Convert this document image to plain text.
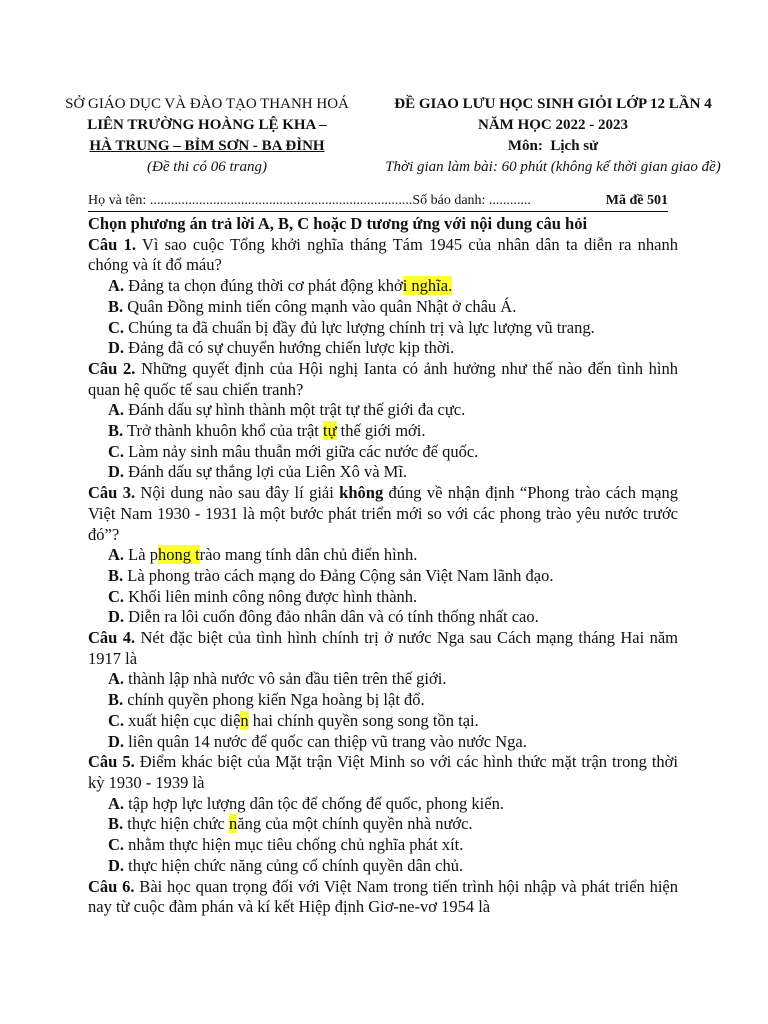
SỞ GIÁO DỤC VÀ ĐÀO TẠO THANH HOÁ
LIÊN TRƯỜNG HOÀNG LỆ KHA –
HÀ TRUNG – BỈM SƠN - BA ĐÌNH
(Đề thi có 06 trang)
ĐỀ GIAO LƯU HỌC SINH GIỎI LỚP 12 LẦN 4
NĂM HỌC 2022 - 2023
Môn: Lịch sử
Thời gian làm bài: 60 phút (không kể thời gian giao đề)
Họ và tên: ...........................................................................Số báo danh: ............	Mã đề 501

Chọn phương án trả lời A, B, C hoặc D tương ứng với nội dung câu hỏi

Câu 1. Vì sao cuộc Tổng khởi nghĩa tháng Tám 1945 của nhân dân ta diễn ra nhanh chóng và ít đổ máu?

A. Đảng ta chọn đúng thời cơ phát động khởi nghĩa.

B. Quân Đồng minh tiến công mạnh vào quân Nhật ở châu Á.

C. Chúng ta đã chuẩn bị đầy đủ lực lượng chính trị và lực lượng vũ trang.

D. Đảng đã có sự chuyển hướng chiến lược kịp thời.

Câu 2. Những quyết định của Hội nghị Ianta có ảnh hưởng như thế nào đến tình hình quan hệ quốc tế sau chiến tranh?

A. Đánh dấu sự hình thành một trật tự thế giới đa cực.

B. Trở thành khuôn khổ của trật tự thế giới mới.

C. Làm nảy sinh mâu thuẫn mới giữa các nước đế quốc.

D. Đánh dấu sự thắng lợi của Liên Xô và Mĩ.

Câu 3. Nội dung nào sau đây lí giải không đúng về nhận định “Phong trào cách mạng Việt Nam 1930 - 1931 là một bước phát triển mới so với các phong trào yêu nước trước đó”?

A. Là phong trào mang tính dân chủ điển hình.

B. Là phong trào cách mạng do Đảng Cộng sản Việt Nam lãnh đạo.

C. Khối liên minh công nông được hình thành.

D. Diễn ra lôi cuốn đông đảo nhân dân và có tính thống nhất cao.

Câu 4. Nét đặc biệt của tình hình chính trị ở nước Nga sau Cách mạng tháng Hai năm 1917 là

A. thành lập nhà nước vô sản đầu tiên trên thế giới.

B. chính quyền phong kiến Nga hoàng bị lật đổ.

C. xuất hiện cục diện hai chính quyền song song tồn tại.

D. liên quân 14 nước đế quốc can thiệp vũ trang vào nước Nga.

Câu 5. Điểm khác biệt của Mặt trận Việt Minh so với các hình thức mặt trận trong thời kỳ 1930 - 1939 là

A. tập hợp lực lượng dân tộc để chống đế quốc, phong kiến.

B. thực hiện chức năng của một chính quyền nhà nước.

C. nhằm thực hiện mục tiêu chống chủ nghĩa phát xít.

D. thực hiện chức năng củng cố chính quyền dân chủ.

Câu 6. Bài học quan trọng đối với Việt Nam trong tiến trình hội nhập và phát triển hiện nay từ cuộc đàm phán và kí kết Hiệp định Giơ-ne-vơ 1954 là
